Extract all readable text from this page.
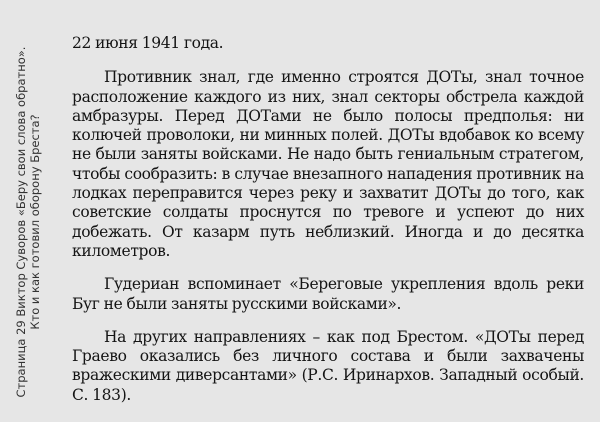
Страница 29 Виктор Суворов «Беру свои слова обратно». Кто и как готовил оборону Бреста?

22 июня 1941 года.

Противник знал, где именно строятся ДОТы, знал точное расположение каждого из них, знал секторы обстрела каждой амбразуры. Перед ДОТами не было полосы предполья: ни колючей проволоки, ни минных полей. ДОТы вдобавок ко всему не были заняты войсками. Не надо быть гениальным стратегом, чтобы сообразить: в случае внезапного нападения противник на лодках переправится через реку и захватит ДОТы до того, как советские солдаты проснутся по тревоге и успеют до них добежать. От казарм путь неблизкий. Иногда и до десятка километров.

Гудериан вспоминает «Береговые укрепления вдоль реки Буг не были заняты русскими войсками».

На других направлениях – как под Брестом. «ДОТы перед Граево оказались без личного состава и были захвачены вражескими диверсантами» (Р.С. Иринархов. Западный особый. С. 183).
